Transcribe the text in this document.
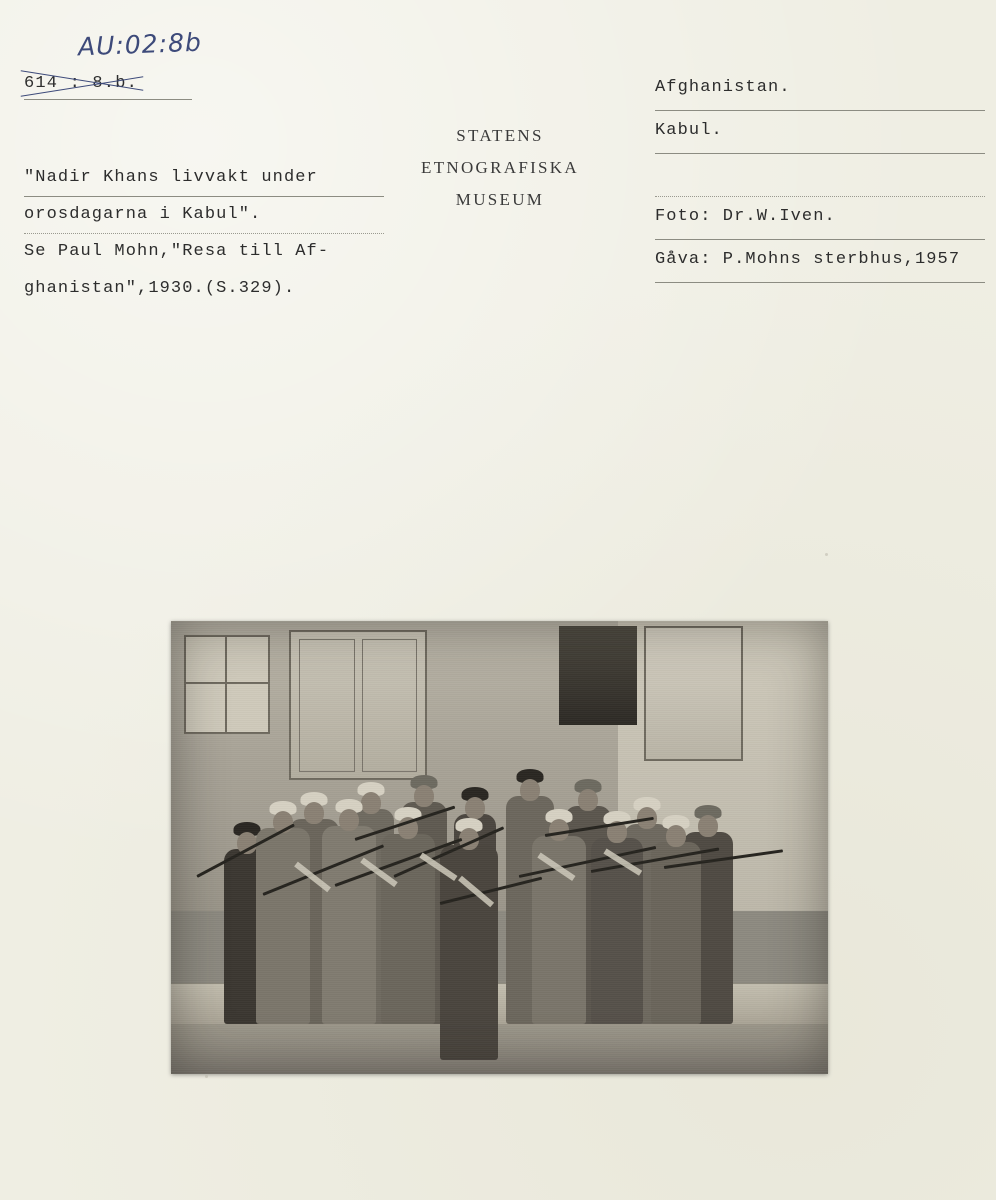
AU:02:8b
614 : 8.b.
STATENS
ETNOGRAFISKA
MUSEUM
"Nadir Khans livvakt under
orosdagarna i Kabul".
Se Paul Mohn,"Resa till Af-
ghanistan",1930.(S.329).
Afghanistan.
Kabul.
Foto: Dr.W.Iven.
Gåva: P.Mohns sterbhus,1957
